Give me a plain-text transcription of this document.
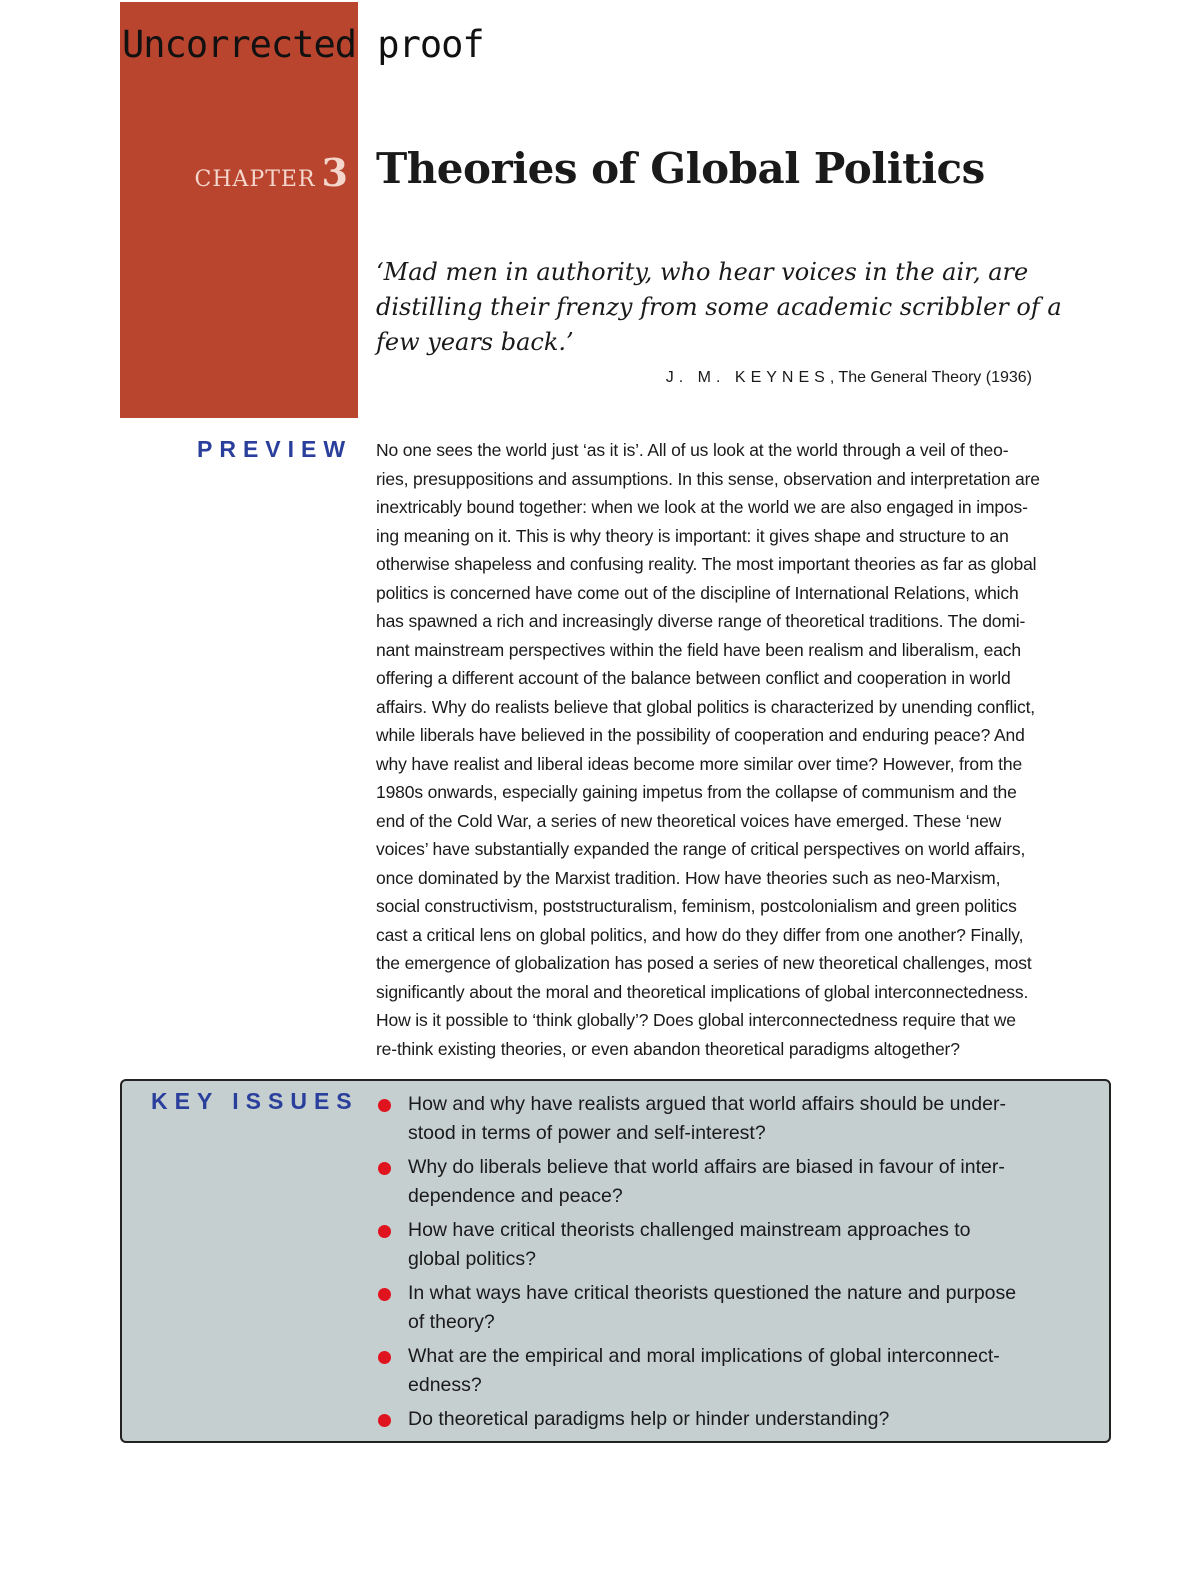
Uncorrected proof
CHAPTER 3 Theories of Global Politics

‘Mad men in authority, who hear voices in the air, are

distilling their frenzy from some academic scribbler of a

few years back.’

J. M. KEYNES, The General Theory (1936)
PREVIEW No one sees the world just ‘as it is’. All of us look at the world through a veil of theo-

ries, presuppositions and assumptions. In this sense, observation and interpretation are

inextricably bound together: when we look at the world we are also engaged in impos-

ing meaning on it. This is why theory is important: it gives shape and structure to an

otherwise shapeless and confusing reality. The most important theories as far as global

politics is concerned have come out of the discipline of International Relations, which

has spawned a rich and increasingly diverse range of theoretical traditions. The domi-

nant mainstream perspectives within the field have been realism and liberalism, each

offering a different account of the balance between conflict and cooperation in world

affairs. Why do realists believe that global politics is characterized by unending conflict,

while liberals have believed in the possibility of cooperation and enduring peace? And

why have realist and liberal ideas become more similar over time? However, from the

1980s onwards, especially gaining impetus from the collapse of communism and the

end of the Cold War, a series of new theoretical voices have emerged. These ‘new

voices’ have substantially expanded the range of critical perspectives on world affairs,

once dominated by the Marxist tradition. How have theories such as neo-Marxism,

social constructivism, poststructuralism, feminism, postcolonialism and green politics

cast a critical lens on global politics, and how do they differ from one another? Finally,

the emergence of globalization has posed a series of new theoretical challenges, most

significantly about the moral and theoretical implications of global interconnectedness.

How is it possible to ‘think globally’? Does global interconnectedness require that we

re-think existing theories, or even abandon theoretical paradigms altogether?

KEY ISSUES	How and why have realists argued that world affairs should be under-

stood in terms of power and self-interest?

Why do liberals believe that world affairs are biased in favour of inter-

dependence and peace?

How have critical theorists challenged mainstream approaches to

global politics?

In what ways have critical theorists questioned the nature and purpose

of theory?

What are the empirical and moral implications of global interconnect-

edness?

Do theoretical paradigms help or hinder understanding?
